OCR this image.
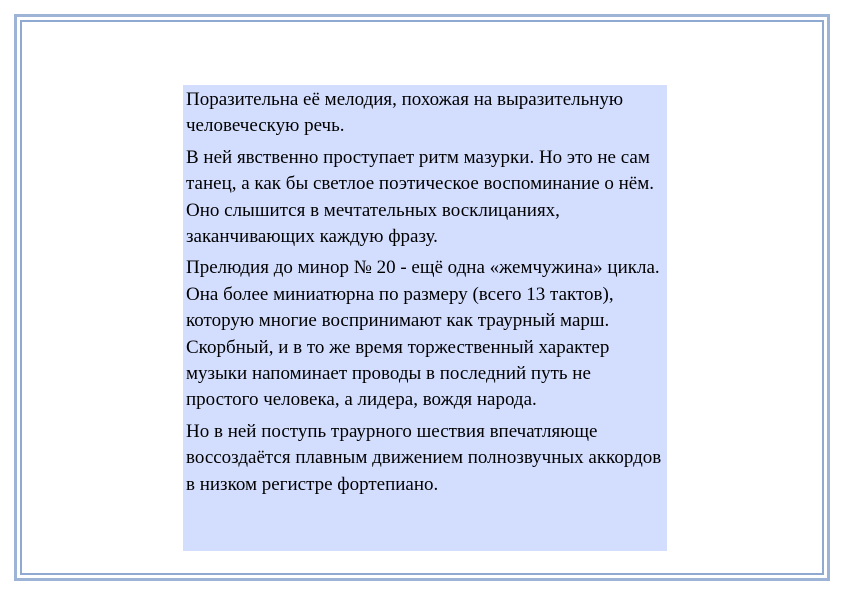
Поразительна её мелодия, похожая на выразительную человеческую речь.

В ней явственно проступает ритм мазурки. Но это не сам танец, а как бы светлое поэтическое воспоминание о нём. Оно слышится в мечтательных восклицаниях, заканчивающих каждую фразу.

Прелюдия до минор № 20 - ещё одна «жемчужина» цикла. Она более миниатюрна по размеру (всего 13 тактов), которую многие воспринимают как траурный марш. Скорбный, и в то же время торжественный характер музыки напоминает проводы в последний путь не простого человека, а лидера, вождя народа.

Но в ней поступь траурного шествия впечатляюще воссоздаётся плавным движением полнозвучных аккордов в низком регистре фортепиано.
